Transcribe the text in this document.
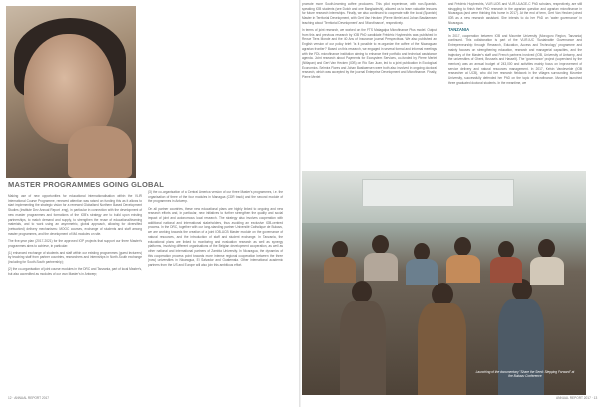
MASTER PROGRAMMES GOING GLOBAL

Making use of new opportunities for educational internationalisation within the VLIR International Course Programme, renewed attention was raised on funding this as it allows to start implementing the strategic vision for a renewed Globalised Northern Based Development Studies (Institute Dev Annual Report .eng), in particular in connection with the development of new master programmes and formations of the IOB's strategy are to build upon existing partnerships, to match demand and supply, to strengthen the reuse of educational/learning materials, and to work using an asymmetric, global approach, allowing for diversified (networked) delivery mechanisms: MOOC courses, exchange of students and staff among master programmes, and the development of MA modules on site.

The five-year plan (2017-2021) for the approved IOP projects that support our three Master's programmes aims to achieve, in particular:

(1) enhanced exchange of students and staff within our existing programmes (guest lecturers) by teaching staff from partner countries, researchers and internships in North-South exchange (including for South-South partnership);

(2) the co-organisation of joint course modules in the DRC and Tanzania, part of local Master's, but also accredited as modules of our own Master's in Antwerp;

(3) the co-organisation of a Central America version of our three Master's programmes, i.e. the organisation of three of the four modules in Managua (CDR track) and the second module of the programmes in Antwerp.

On all partner countries, these new educational plans are highly linked to ongoing and new research efforts and, in particular, new initiatives to further strengthen the quality and social impact of joint and autonomous local research. The strategy also involves cooperation with additional national and international stakeholders, thus avoiding an exclusive IOB-centred process. In the DRC, together with our long-standing partner Université Catholique de Bukavu, we are working towards the creation of a joint IOB-UCB Master module on the governance of natural resources, and the introduction of staff and student exchange. In Tanzania, the educational plans are linked to monitoring and evaluation research as well as synergy platforms, involving different organisations of the Belgian development cooperation, as well as other national and international partners of Zambia University. In Nicaragua, the dynamics of this cooperation process point towards more intense regional cooperation between the three (now) universities in Nicaragua, El Salvador and Guatemala. Other international academic partners from the US and Europe will also join this ambitious effort.

12 · ANNUAL REPORT 2017

promote more South-learning coffee producers. This pilot experience, with non-Spanish-speaking IOB students (see Dutch and one Bangladeshi), allowed us to learn valuable lessons for future research internships. Finally, we also continued to cooperate with the local (Spanish) Master in Territorial Development, with Gert Van Hecken (Pierre Merlet and Johan Bastiaensen teaching about 'Territorial Development' and 'Microfinance', respectively.

In terms of joint research, we worked on the FTS Matagalpa Microfinance Plus model. Output from this and previous research by IOB PhD candidate Frédéric Huybrechts was published in Revue Tiers Monde and the 40 Ans of Insurance journal Perspectivas. We also published an English version of our policy brief: 'Is it possible to re-organize the coffee of the Nicaraguan agrarian frontier?' Based on this research, we engaged in several formal and informal meetings with the FDL microfinance institution aiming to enhance their portfolio and technical assistance agenda. Joint research about Payments for Ecosystem Services, co-funded by Pierre Merlet (Nitlapan) and Gert Van Hecken (IOB) on Río San Juan, led to a joint publication in Ecological Economics. Selmira Flores and Johan Bastiaensen were both also involved in ongoing doctoral research, which was accepted by the journal Enterprise Development and Microfinance. Finally, Pierre Merlet

and Frédéric Huybrechts, VLIR-UOS and VLIR-ULAGE-C PhD scholars, respectively, are still struggling to finish their PhD research in the agrarian question and agrarian microfinance in Nicaragua (and were thinking this home in 2017). At the end of term, Gert Van Hecken joined IOB as a new research assistant. She intends to do her PhD on 'water governance' in Nicaragua.

TANZANIA

In 2017, cooperation between IOB and Mzumbe University (Morogoro Region, Tanzania) continued. This collaboration is part of the VLIR-IUC 'Sustainable Governance and Entrepreneurship through Research, Education, Access and Technology' programme and mainly focuses on strengthening education, research and managerial capacities, and the trajectory of the Master's staff and French partners involved (IOB, University of Antwerp, and the universities of Ghent, Brussels and Hasselt). The 'governance' project (supervised by the mentors) was an annual budget of 243,000 and activities mainly focus on improvement of service delivery and natural resources management. In 2017, Kelvin Vandevelde (IOB researcher at UCB), who did her research fieldwork in the villages surrounding Mzumbe University, successfully defended her PhD on the topic of microfinance. Mzumbe launched three graduated doctoral students. In the meantime, we

Launching of the documentary "Share the Seed: Stepping Forward" at the Bukavu Conference
ANNUAL REPORT 2017 · 13
